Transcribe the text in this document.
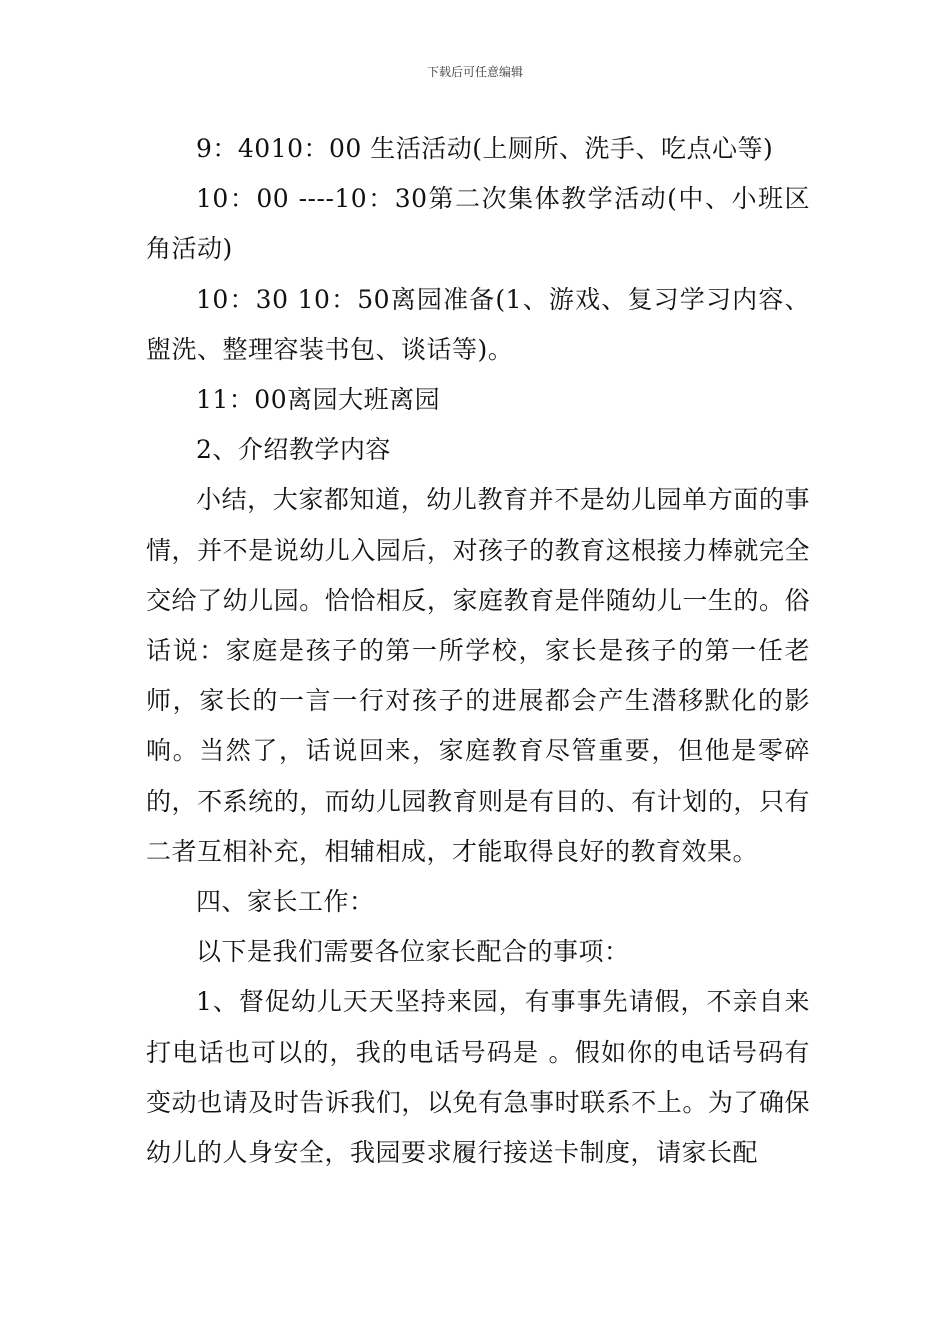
下载后可任意编辑

9：4010：00 生活活动(上厕所、洗手、吃点心等)

10：00 ----10：30第二次集体教学活动(中、小班区角活动)

10：30 10：50离园准备(1、游戏、复习学习内容、盥洗、整理容装书包、谈话等)。

11：00离园大班离园

2、介绍教学内容

小结，大家都知道，幼儿教育并不是幼儿园单方面的事情，并不是说幼儿入园后，对孩子的教育这根接力棒就完全交给了幼儿园。恰恰相反，家庭教育是伴随幼儿一生的。俗话说：家庭是孩子的第一所学校，家长是孩子的第一任老师，家长的一言一行对孩子的进展都会产生潜移默化的影响。当然了，话说回来，家庭教育尽管重要，但他是零碎的，不系统的，而幼儿园教育则是有目的、有计划的，只有二者互相补充，相辅相成，才能取得良好的教育效果。

四、家长工作：

以下是我们需要各位家长配合的事项：

1、督促幼儿天天坚持来园，有事事先请假，不亲自来打电话也可以的，我的电话号码是 。假如你的电话号码有变动也请及时告诉我们，以免有急事时联系不上。为了确保幼儿的人身安全，我园要求履行接送卡制度，请家长配
